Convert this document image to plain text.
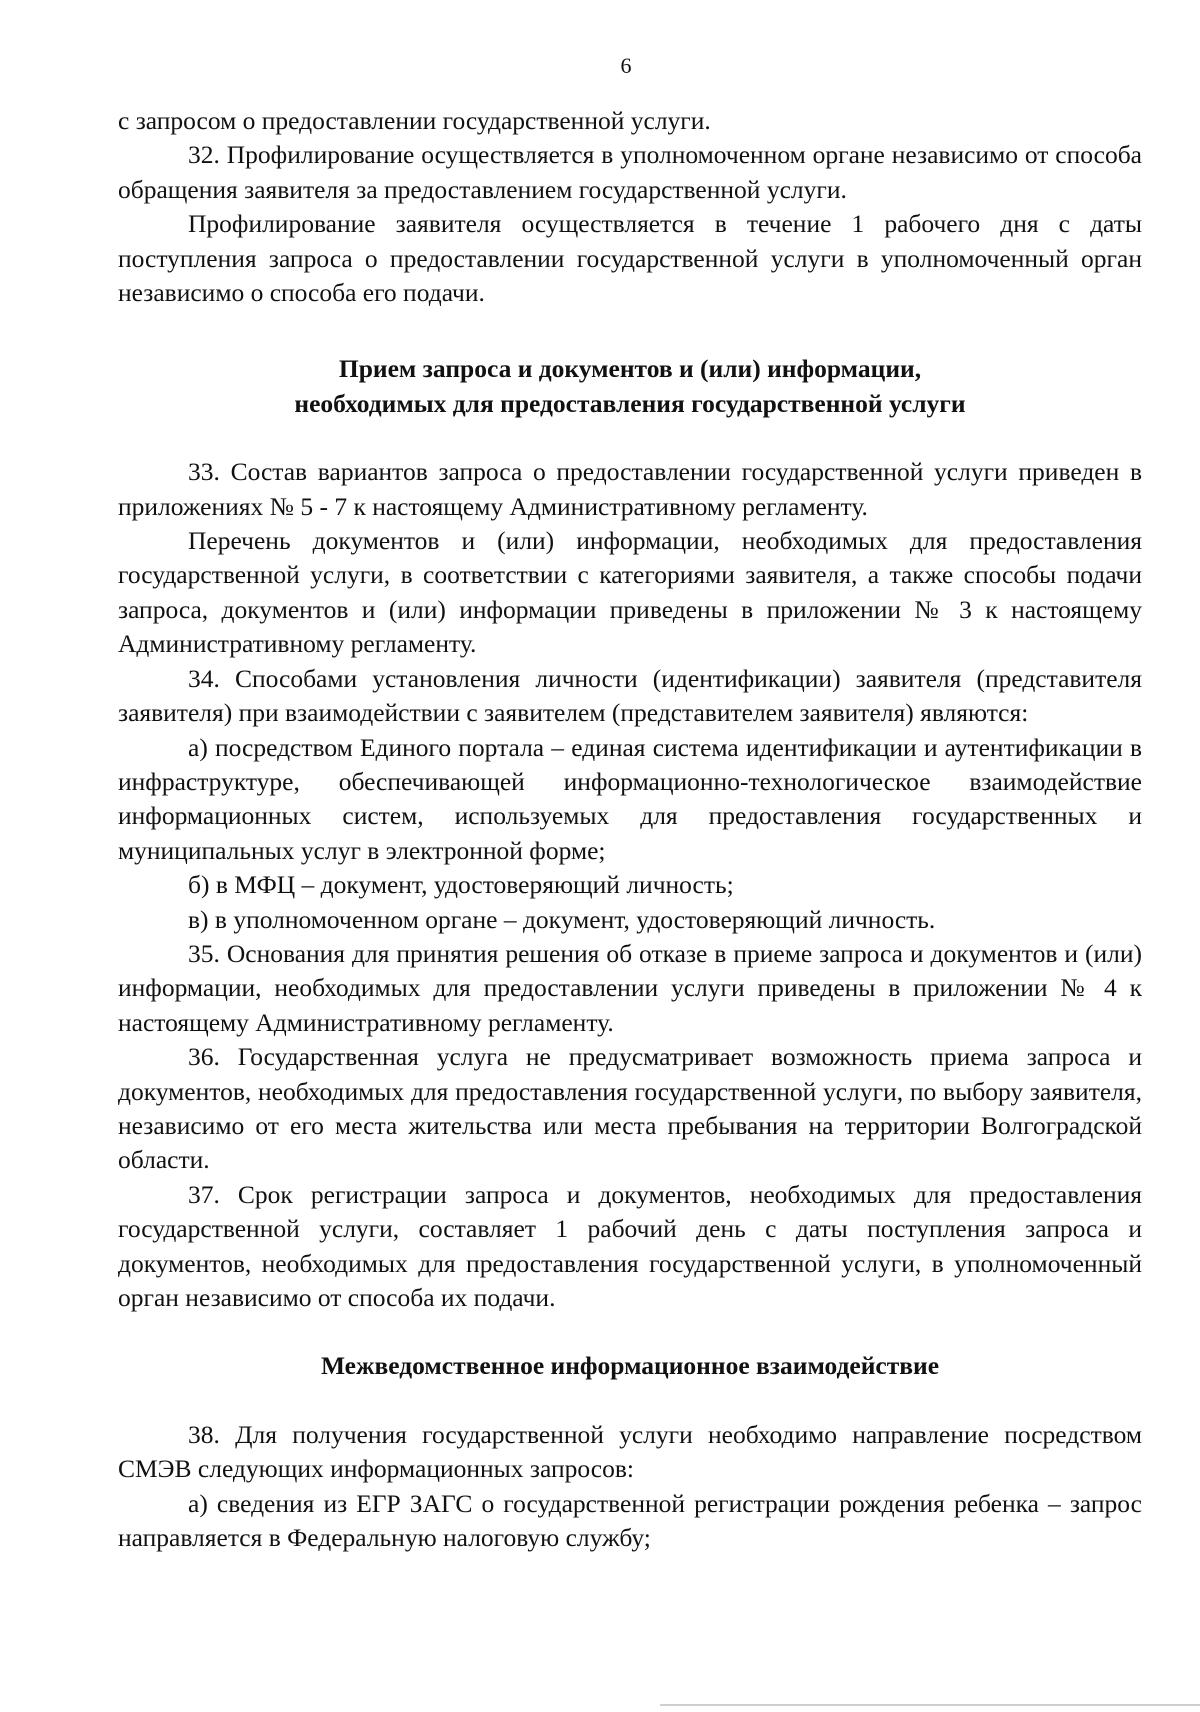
6

с запросом о предоставлении государственной услуги.

32. Профилирование осуществляется в уполномоченном органе независимо от способа обращения заявителя за предоставлением государственной услуги.

Профилирование заявителя осуществляется в течение 1 рабочего дня с даты поступления запроса о предоставлении государственной услуги в уполномоченный орган независимо о способа его подачи.

Прием запроса и документов и (или) информации,

необходимых для предоставления государственной услуги

33. Состав вариантов запроса о предоставлении государственной услуги приведен в приложениях № 5 - 7 к настоящему Административному регламенту.

Перечень документов и (или) информации, необходимых для предоставления государственной услуги, в соответствии с категориями заявителя, а также способы подачи запроса, документов и (или) информации приведены в приложении № 3 к настоящему Административному регламенту.

34. Способами установления личности (идентификации) заявителя (представителя заявителя) при взаимодействии с заявителем (представителем заявителя) являются:

а) посредством Единого портала – единая система идентификации и аутентификации в инфраструктуре, обеспечивающей информационно-технологическое взаимодействие информационных систем, используемых для предоставления государственных и муниципальных услуг в электронной форме;

б) в МФЦ – документ, удостоверяющий личность;

в) в уполномоченном органе – документ, удостоверяющий личность.

35. Основания для принятия решения об отказе в приеме запроса и документов и (или) информации, необходимых для предоставлении услуги приведены в приложении № 4 к настоящему Административному регламенту.

36. Государственная услуга не предусматривает возможность приема запроса и документов, необходимых для предоставления государственной услуги, по выбору заявителя, независимо от его места жительства или места пребывания на территории Волгоградской области.

37. Срок регистрации запроса и документов, необходимых для предоставления государственной услуги, составляет 1 рабочий день с даты поступления запроса и документов, необходимых для предоставления государственной услуги, в уполномоченный орган независимо от способа их подачи.

Межведомственное информационное взаимодействие

38. Для получения государственной услуги необходимо направление посредством СМЭВ следующих информационных запросов:

а) сведения из ЕГР ЗАГС о государственной регистрации рождения ребенка – запрос направляется в Федеральную налоговую службу;
